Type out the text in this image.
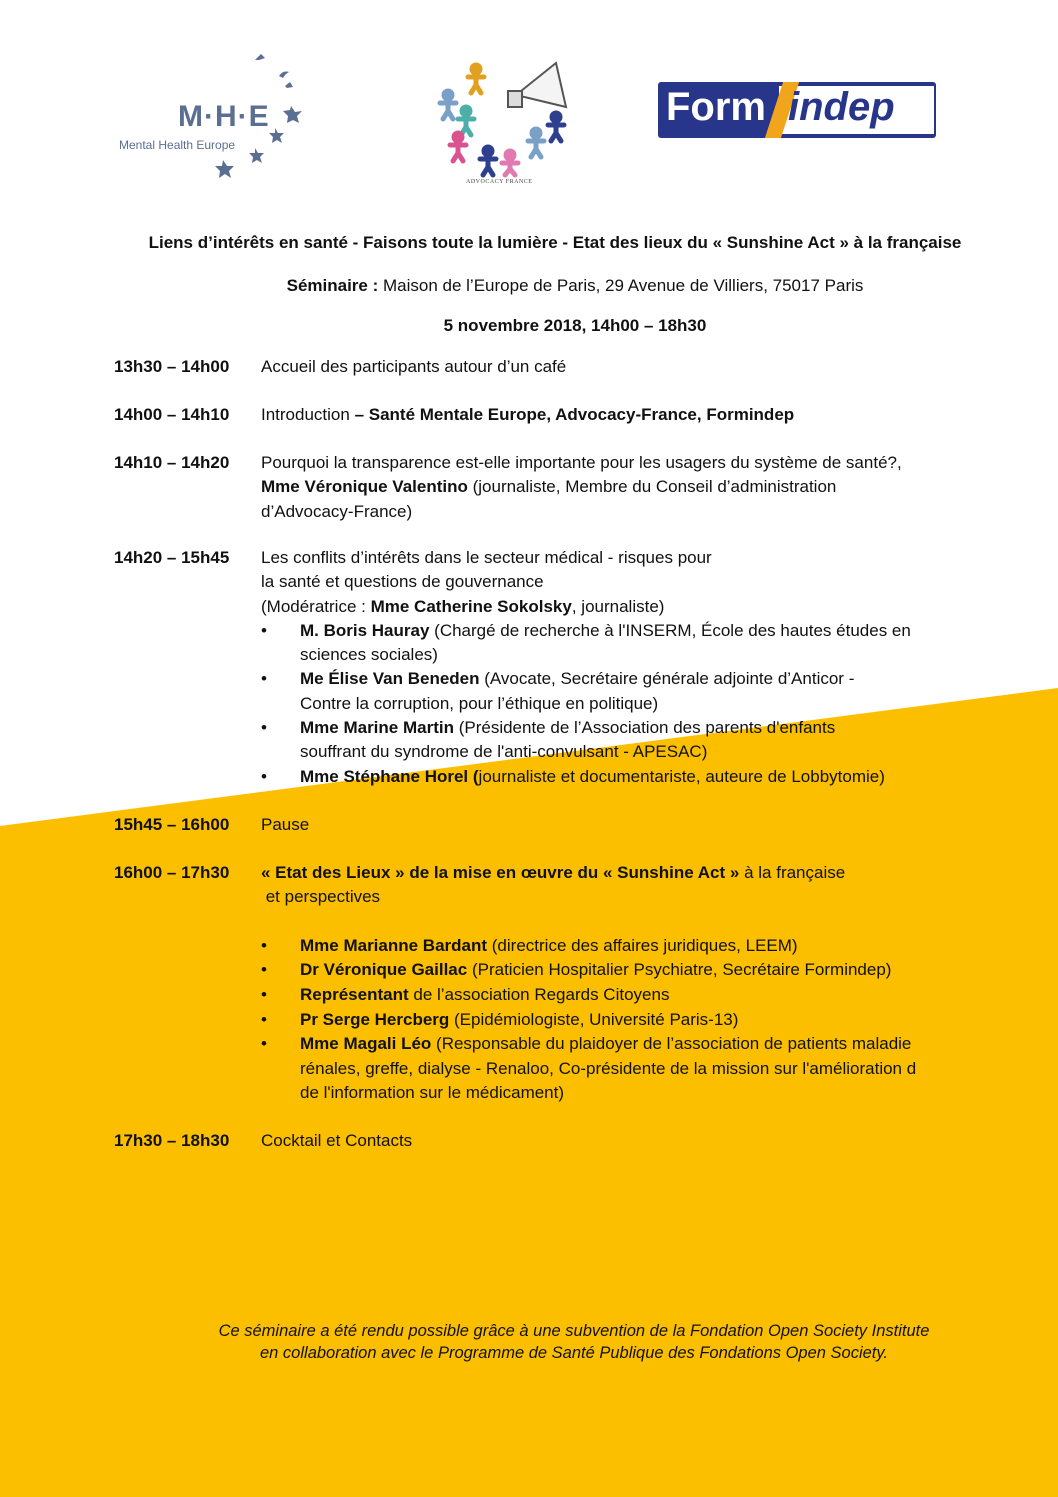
M·H·E
Mental Health Europe
ADVOCACY FRANCE
Form indep
Liens d’intérêts en santé - Faisons toute la lumière - Etat des lieux du « Sunshine Act » à la française
Séminaire : Maison de l’Europe de Paris, 29 Avenue de Villiers, 75017 Paris
5 novembre 2018, 14h00 – 18h30
13h30 – 14h00 Accueil des participants autour d’un café
14h00 – 14h10 Introduction – Santé Mentale Europe, Advocacy-France, Formindep
14h10 – 14h20 Pourquoi la transparence est-elle importante pour les usagers du système de santé?,
Mme Véronique Valentino (journaliste, Membre du Conseil d’administration
d’Advocacy-France)
14h20 – 15h45 Les conflits d’intérêts dans le secteur médical - risques pour
la santé et questions de gouvernance
(Modératrice : Mme Catherine Sokolsky, journaliste)
• M. Boris Hauray (Chargé de recherche à l'INSERM, École des hautes études en
sciences sociales)
• Me Élise Van Beneden (Avocate, Secrétaire générale adjointe d’Anticor -
Contre la corruption, pour l’éthique en politique)
• Mme Marine Martin (Présidente de l’Association des parents d'enfants
souffrant du syndrome de l'anti-convulsant - APESAC)
• Mme Stéphane Horel (journaliste et documentariste, auteure de Lobbytomie)
15h45 – 16h00 Pause
16h00 – 17h30 « Etat des Lieux » de la mise en œuvre du « Sunshine Act » à la française
et perspectives
• Mme Marianne Bardant (directrice des affaires juridiques, LEEM)
• Dr Véronique Gaillac (Praticien Hospitalier Psychiatre, Secrétaire Formindep)
• Représentant de l’association Regards Citoyens
• Pr Serge Hercberg (Epidémiologiste, Université Paris-13)
• Mme Magali Léo (Responsable du plaidoyer de l’association de patients maladie
rénales, greffe, dialyse - Renaloo, Co-présidente de la mission sur l'amélioration d
de l'information sur le médicament)
17h30 – 18h30 Cocktail et Contacts
Ce séminaire a été rendu possible grâce à une subvention de la Fondation Open Society Institute
en collaboration avec le Programme de Santé Publique des Fondations Open Society.
